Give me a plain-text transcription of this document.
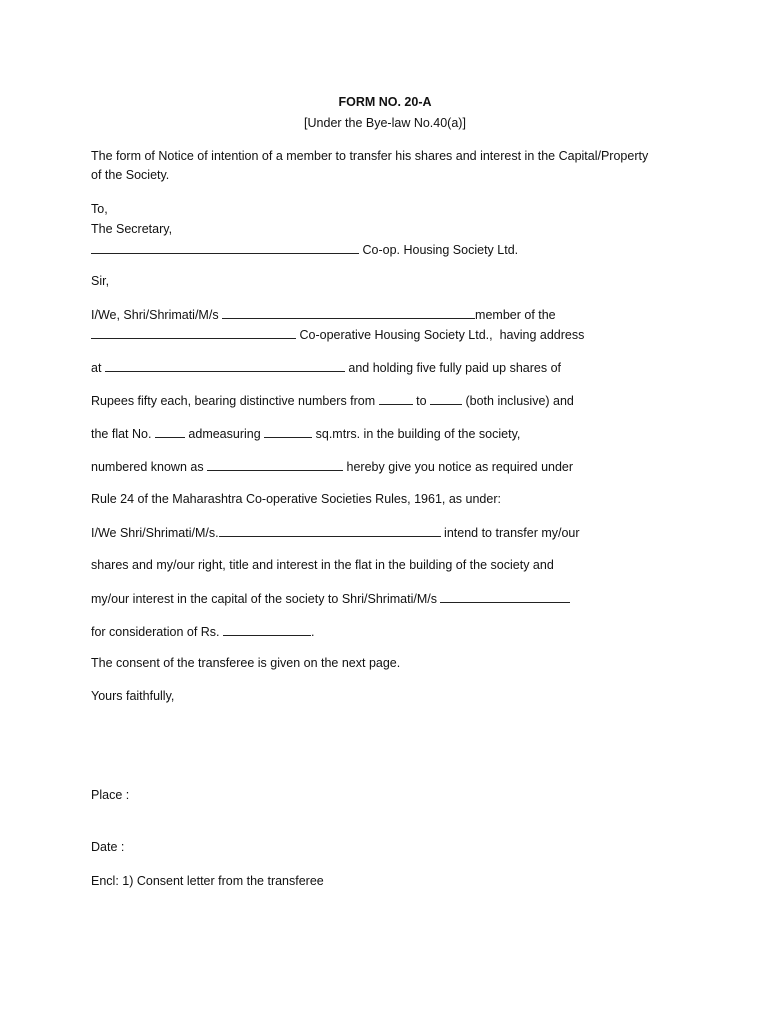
FORM NO. 20-A
[Under the Bye-law No.40(a)]
The form of Notice of intention of a member to transfer his shares and interest in the Capital/Property
of the Society.
To,
The Secretary,
Co-op. Housing Society Ltd.
Sir,
I/We, Shri/Shrimati/M/s	member of the
Co-operative Housing Society Ltd.,  having address
at	and holding five fully paid up shares of
Rupees fifty each, bearing distinctive numbers from	to	(both inclusive) and
the flat No.  admeasuring	sq.mtrs. in the building of the society,
numbered known as	hereby give you notice as required under
Rule 24 of the Maharashtra Co-operative Societies Rules, 1961, as under:
I/We Shri/Shrimati/M/s.	intend to transfer my/our
shares and my/our right, title and interest in the flat in the building of the society and
my/our interest in the capital of the society to Shri/Shrimati/M/s
for consideration of Rs.	.
The consent of the transferee is given on the next page.
Yours faithfully,
Place :
Date :
Encl: 1) Consent letter from the transferee
